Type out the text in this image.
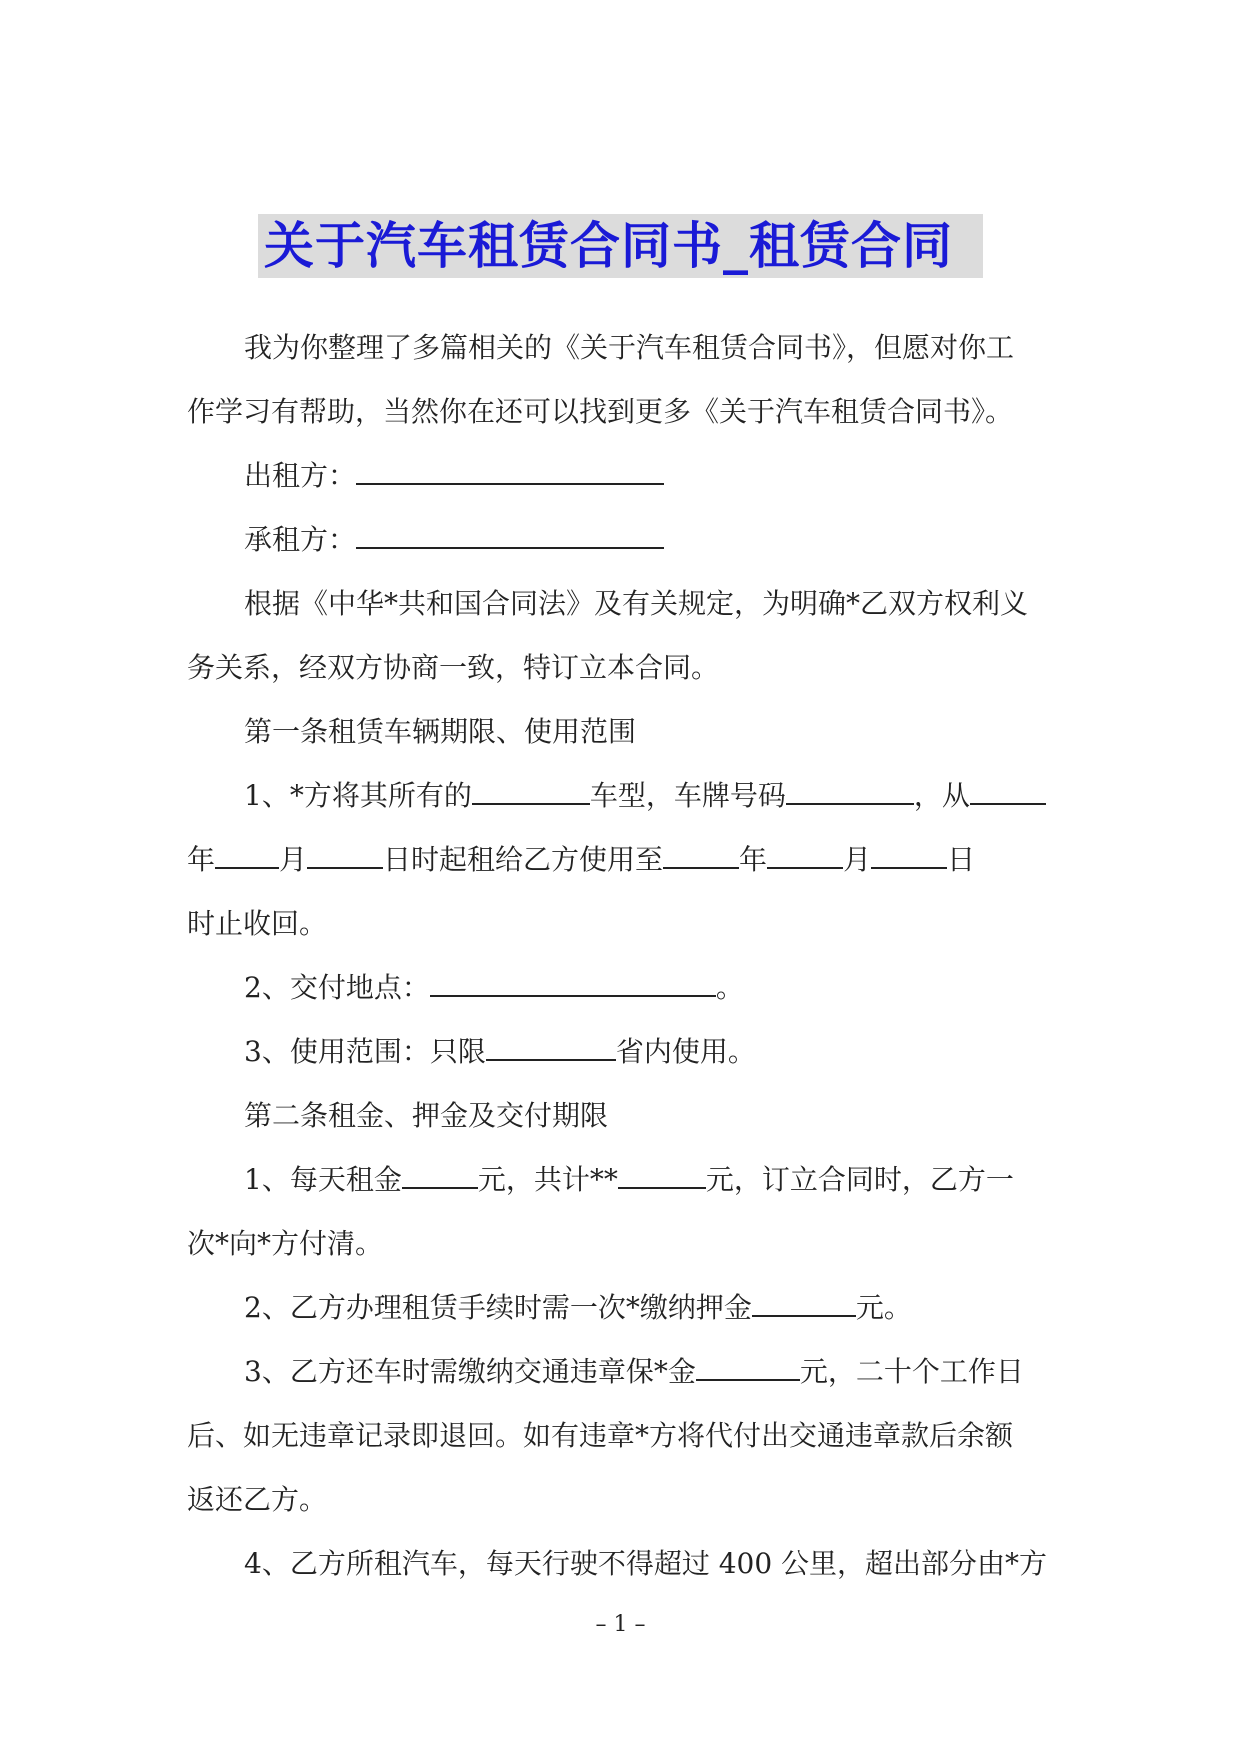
关于汽车租赁合同书_租赁合同

我为你整理了多篇相关的《关于汽车租赁合同书》，但愿对你工

作学习有帮助，当然你在还可以找到更多《关于汽车租赁合同书》。

出租方：

承租方：

根据《中华*共和国合同法》及有关规定，为明确*乙双方权利义

务关系，经双方协商一致，特订立本合同。

第一条租赁车辆期限、使用范围

1、*方将其所有的	车型，车牌号码	，从

年 月	日时起租给乙方使用至	年	月	日

时止收回。

2、交付地点：	。

3、使用范围：只限	省内使用。

第二条租金、押金及交付期限

1、每天租金	元，共计**	元，订立合同时，乙方一

次*向*方付清。

2、乙方办理租赁手续时需一次*缴纳押金	元。

3、乙方还车时需缴纳交通违章保*金	元，二十个工作日

后、如无违章记录即退回。如有违章*方将代付出交通违章款后余额

返还乙方。

4、乙方所租汽车，每天行驶不得超过 400 公里，超出部分由*方

– 1 –
